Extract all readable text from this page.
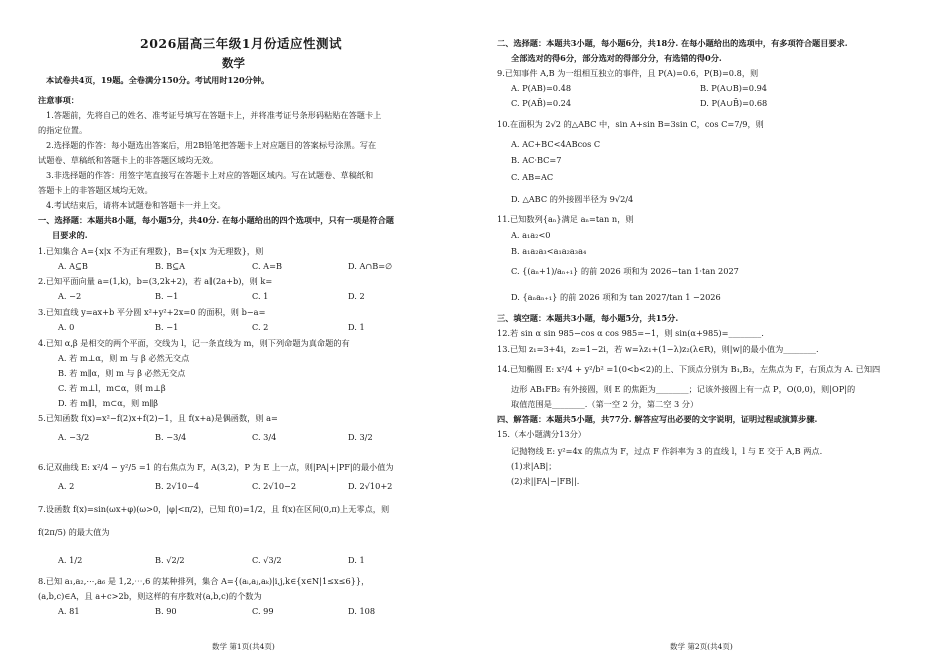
2026届高三年级1月份适应性测试
数学
本试卷共4页，19题。全卷满分150分。考试用时120分钟。
注意事项：
1.答题前，先将自己的姓名、准考证号填写在答题卡上，并将准考证号条形码粘贴在答题卡上
的指定位置。
2.选择题的作答：每小题选出答案后，用2B铅笔把答题卡上对应题目的答案标号涂黑。写在
试题卷、草稿纸和答题卡上的非答题区域均无效。
3.非选择题的作答：用签字笔直接写在答题卡上对应的答题区域内。写在试题卷、草稿纸和
答题卡上的非答题区域均无效。
4.考试结束后，请将本试题卷和答题卡一并上交。
一、选择题：本题共8小题，每小题5分，共40分. 在每小题给出的四个选项中，只有一项是符合题
目要求的.
1.已知集合 A={x|x 不为正有理数}，B={x|x 为无理数}，则
A. A⊆B	B. B⊆A	C. A=B	D. A∩B=∅
2.已知平面向量 a=(1,k)，b=(3,2k+2)，若 a∥(2a+b)，则 k=
A. −2	B. −1	C. 1	D. 2
3.已知直线 y=ax+b 平分圆 x²+y²+2x=0 的面积，则 b−a=
A. 0	B. −1	C. 2	D. 1
4.已知 α,β 是相交的两个平面，交线为 l，记一条直线为 m，则下列命题为真命题的有
A. 若 m⊥α，则 m 与 β 必然无交点
B. 若 m∥α，则 m 与 β 必然无交点
C. 若 m⊥l，m⊂α，则 m⊥β
D. 若 m∥l，m⊂α，则 m∥β
5.已知函数 f(x)=x²−f(2)x+f(2)−1，且 f(x+a)是偶函数，则 a=
A. −3/2	B. −3/4	C. 3/4	D. 3/2
6.记双曲线 E: x²/4 − y²/5 =1 的右焦点为 F，A(3,2)，P 为 E 上一点，则|PA|+|PF|的最小值为
A. 2	B. 2√10−4	C. 2√10−2	D. 2√10+2
7.设函数 f(x)=sin(ωx+φ)(ω>0，|φ|<π/2)，已知 f(0)=1/2，且 f(x)在区间(0,π)上无零点，则
f(2π/5) 的最大值为
A. 1/2	B. √2/2	C. √3/2	D. 1
8.已知 a₁,a₂,⋯,a₆ 是 1,2,⋯,6 的某种排列，集合 A={(aᵢ,aⱼ,aₖ)|i,j,k∈{x∈N|1≤x≤6}}，
(a,b,c)∈A，且 a+c>2b，则这样的有序数对(a,b,c)的个数为
A. 81	B. 90	C. 99	D. 108
数学 第1页(共4页)
二、选择题：本题共3小题，每小题6分，共18分. 在每小题给出的选项中，有多项符合题目要求.
全部选对的得6分，部分选对的得部分分，有选错的得0分.
9.已知事件 A,B 为一组相互独立的事件，且 P(A)=0.6，P(B)=0.8，则
A. P(AB)=0.48	B. P(A∪B)=0.94
C. P(AB̄)=0.24	D. P(A∪B̄)=0.68
10.在面积为 2√2 的△ABC 中，sin A+sin B=3sin C，cos C=7/9，则
A. AC+BC<4ABcos C
B. AC·BC=7
C. AB=AC
D. △ABC 的外接圆半径为 9√2/4
11.已知数列{aₙ}满足 aₙ=tan n，则
A. a₁a₂<0
B. a₁a₂a₃<a₁a₂a₃a₄
C. {(aₙ+1)/aₙ₊₁} 的前 2026 项和为 2026−tan 1·tan 2027
D. {aₙaₙ₊₁} 的前 2026 项和为 tan 2027/tan 1 −2026
三、填空题：本题共3小题，每小题5分，共15分.
12.若 sin α sin 985−cos α cos 985=−1，则 sin(α+985)=________.
13.已知 z₁=3+4i，z₂=1−2i，若 w=λz₁+(1−λ)z₂(λ∈R)，则|w|的最小值为________.
14.已知椭圆 E: x²/4 + y²/b² =1(0<b<2)的上、下顶点分别为 B₁,B₂，左焦点为 F，右顶点为 A. 已知四
边形 AB₁FB₂ 有外接圆，则 E 的焦距为________；记该外接圆上有一点 P，O(0,0)，则|OP|的
取值范围是________.（第一空 2 分，第二空 3 分）
四、解答题：本题共5小题，共77分. 解答应写出必要的文字说明，证明过程或演算步骤.
15.（本小题满分13分）
记抛物线 E: y²=4x 的焦点为 F，过点 F 作斜率为 3 的直线 l，l 与 E 交于 A,B 两点.
(1)求|AB|；
(2)求||FA|−|FB||.
数学 第2页(共4页)
